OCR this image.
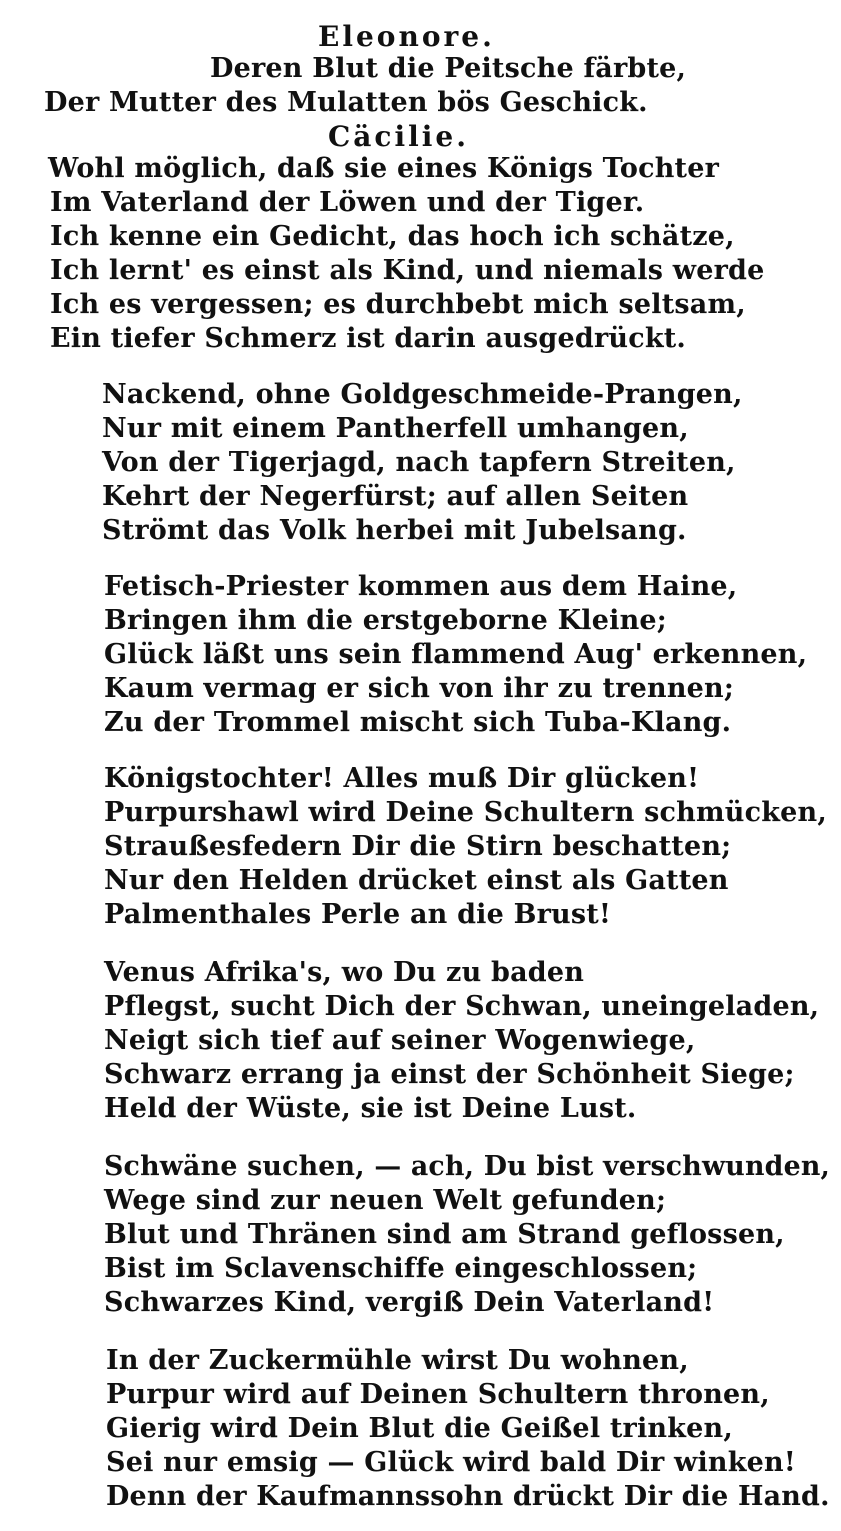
Eleonore.
Deren Blut die Peitsche färbte,
Der Mutter des Mulatten bös Geschick.
Cäcilie.
Wohl möglich, daß sie eines Königs Tochter
Im Vaterland der Löwen und der Tiger.
Ich kenne ein Gedicht, das hoch ich schätze,
Ich lernt' es einst als Kind, und niemals werde
Ich es vergessen; es durchbebt mich seltsam,
Ein tiefer Schmerz ist darin ausgedrückt.
Nackend, ohne Goldgeschmeide-Prangen,
Nur mit einem Pantherfell umhangen,
Von der Tigerjagd, nach tapfern Streiten,
Kehrt der Negerfürst; auf allen Seiten
Strömt das Volk herbei mit Jubelsang.
Fetisch-Priester kommen aus dem Haine,
Bringen ihm die erstgeborne Kleine;
Glück läßt uns sein flammend Aug' erkennen,
Kaum vermag er sich von ihr zu trennen;
Zu der Trommel mischt sich Tuba-Klang.
Königstochter! Alles muß Dir glücken!
Purpurshawl wird Deine Schultern schmücken,
Straußesfedern Dir die Stirn beschatten;
Nur den Helden drücket einst als Gatten
Palmenthales Perle an die Brust!
Venus Afrika's, wo Du zu baden
Pflegst, sucht Dich der Schwan, uneingeladen,
Neigt sich tief auf seiner Wogenwiege,
Schwarz errang ja einst der Schönheit Siege;
Held der Wüste, sie ist Deine Lust.
Schwäne suchen, — ach, Du bist verschwunden,
Wege sind zur neuen Welt gefunden;
Blut und Thränen sind am Strand geflossen,
Bist im Sclavenschiffe eingeschlossen;
Schwarzes Kind, vergiß Dein Vaterland!
In der Zuckermühle wirst Du wohnen,
Purpur wird auf Deinen Schultern thronen,
Gierig wird Dein Blut die Geißel trinken,
Sei nur emsig — Glück wird bald Dir winken!
Denn der Kaufmannssohn drückt Dir die Hand.
